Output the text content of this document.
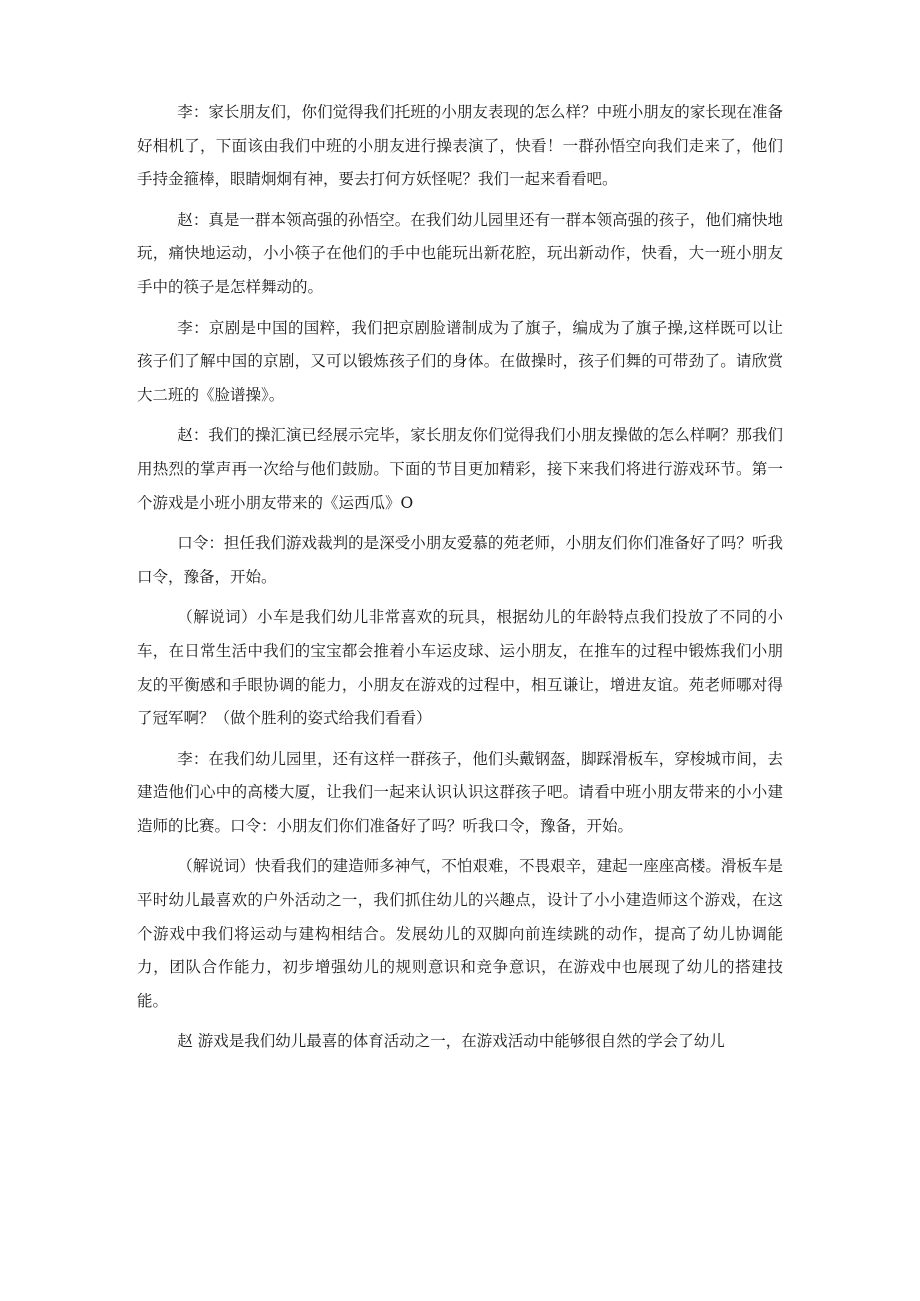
李：家长朋友们，你们觉得我们托班的小朋友表现的怎么样？中班小朋友的家长现在准备好相机了，下面该由我们中班的小朋友进行操表演了，快看！一群孙悟空向我们走来了，他们手持金箍棒，眼睛炯炯有神，要去打何方妖怪呢？我们一起来看看吧。

赵：真是一群本领高强的孙悟空。在我们幼儿园里还有一群本领高强的孩子，他们痛快地玩，痛快地运动，小小筷子在他们的手中也能玩出新花腔，玩出新动作，快看，大一班小朋友手中的筷子是怎样舞动的。

李：京剧是中国的国粹，我们把京剧脸谱制成为了旗子，编成为了旗子操,这样既可以让孩子们了解中国的京剧，又可以锻炼孩子们的身体。在做操时，孩子们舞的可带劲了。请欣赏大二班的《脸谱操》。

赵：我们的操汇演已经展示完毕，家长朋友你们觉得我们小朋友操做的怎么样啊？那我们用热烈的掌声再一次给与他们鼓励。下面的节目更加精彩，接下来我们将进行游戏环节。第一个游戏是小班小朋友带来的《运西瓜》O

口令：担任我们游戏裁判的是深受小朋友爱慕的苑老师，小朋友们你们准备好了吗？听我口令，豫备，开始。

（解说词）小车是我们幼儿非常喜欢的玩具，根据幼儿的年龄特点我们投放了不同的小车，在日常生活中我们的宝宝都会推着小车运皮球、运小朋友，在推车的过程中锻炼我们小朋友的平衡感和手眼协调的能力，小朋友在游戏的过程中，相互谦让，增进友谊。苑老师哪对得了冠军啊？（做个胜利的姿式给我们看看）

李：在我们幼儿园里，还有这样一群孩子，他们头戴钢盔，脚踩滑板车，穿梭城市间，去建造他们心中的高楼大厦，让我们一起来认识认识这群孩子吧。请看中班小朋友带来的小小建造师的比赛。口令：小朋友们你们准备好了吗？听我口令，豫备，开始。

（解说词）快看我们的建造师多神气，不怕艰难，不畏艰辛，建起一座座高楼。滑板车是平时幼儿最喜欢的户外活动之一，我们抓住幼儿的兴趣点，设计了小小建造师这个游戏，在这个游戏中我们将运动与建构相结合。发展幼儿的双脚向前连续跳的动作，提高了幼儿协调能力，团队合作能力，初步增强幼儿的规则意识和竞争意识，在游戏中也展现了幼儿的搭建技能。

赵 游戏是我们幼儿最喜的体育活动之一，在游戏活动中能够很自然的学会了幼儿
